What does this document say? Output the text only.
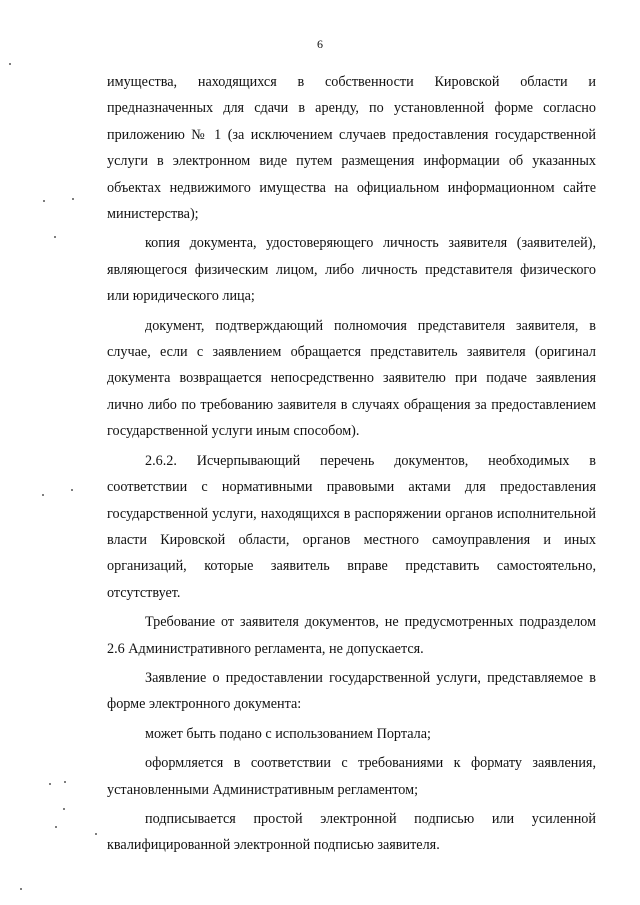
6

имущества, находящихся в собственности Кировской области и предназначенных для сдачи в аренду, по установленной форме согласно приложению № 1 (за исключением случаев предоставления государственной услуги в электронном виде путем размещения информации об указанных объектах недвижимого имущества на официальном информационном сайте министерства);

копия документа, удостоверяющего личность заявителя (заявителей), являющегося физическим лицом, либо личность представителя физического или юридического лица;

документ, подтверждающий полномочия представителя заявителя, в случае, если с заявлением обращается представитель заявителя (оригинал документа возвращается непосредственно заявителю при подаче заявления лично либо по требованию заявителя в случаях обращения за предоставлением государственной услуги иным способом).

2.6.2. Исчерпывающий перечень документов, необходимых в соответствии с нормативными правовыми актами для предоставления государственной услуги, находящихся в распоряжении органов исполнительной власти Кировской области, органов местного самоуправления и иных организаций, которые заявитель вправе представить самостоятельно, отсутствует.

Требование от заявителя документов, не предусмотренных подразделом 2.6 Административного регламента, не допускается.

Заявление о предоставлении государственной услуги, представляемое в форме электронного документа:

может быть подано с использованием Портала;

оформляется в соответствии с требованиями к формату заявления, установленными Административным регламентом;

подписывается простой электронной подписью или усиленной квалифицированной электронной подписью заявителя.
